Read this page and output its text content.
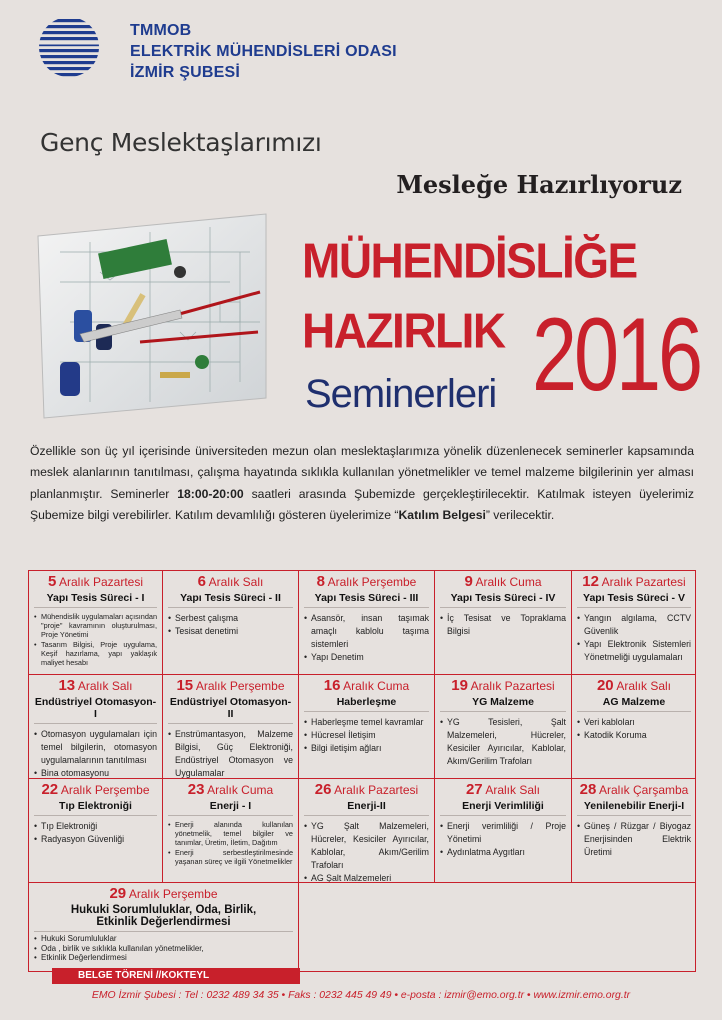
TMMOB
ELEKTRİK MÜHENDİSLERİ ODASI
İZMİR ŞUBESİ
Genç Meslektaşlarımızı
Mesleğe Hazırlıyoruz
MÜHENDİSLİĞE
HAZIRLIK
Seminerleri 2016
Özellikle son üç yıl içerisinde üniversiteden mezun olan meslektaşlarımıza yönelik düzenlenecek seminerler kapsamında meslek alanlarının tanıtılması, çalışma hayatında sıklıkla kullanılan yönetmelikler ve temel malzeme bilgilerinin yer alması planlanmıştır. Seminerler 18:00-20:00 saatleri arasında Şubemizde gerçekleştirilecektir. Katılmak isteyen üyelerimiz Şubemize bilgi verebilirler. Katılım devamlılığı gösteren üyelerimize “Katılım Belgesi” verilecektir.
5 Aralık Pazartesi
Yapı Tesis Süreci - I
• Mühendislik uygulamaları açısından "proje" kavramının oluşturulması, Proje Yönetimi
• Tasarım Bilgisi, Proje uygulama, Keşif hazırlama, yapı yaklaşık maliyet hesabı
6 Aralık Salı
Yapı Tesis Süreci - II
• Serbest çalışma
• Tesisat denetimi
8 Aralık Perşembe
Yapı Tesis Süreci - III
• Asansör, insan taşımak amaçlı kablolu taşıma sistemleri
• Yapı Denetim
9 Aralık Cuma
Yapı Tesis Süreci - IV
• İç Tesisat ve Topraklama Bilgisi
12 Aralık Pazartesi
Yapı Tesis Süreci - V
• Yangın algılama, CCTV Güvenlik
• Yapı Elektronik Sistemleri Yönetmeliği uygulamaları
13 Aralık Salı
Endüstriyel Otomasyon-I
• Otomasyon uygulamaları için temel bilgilerin, otomasyon uygulamalarının tanıtılması
• Bina otomasyonu
15 Aralık Perşembe
Endüstriyel Otomasyon-II
• Enstrümantasyon, Malzeme Bilgisi, Güç Elektroniği, Endüstriyel Otomasyon ve Uygulamalar
16 Aralık Cuma
Haberleşme
• Haberleşme temel kavramlar
• Hücresel İletişim
• Bilgi iletişim ağları
19 Aralık Pazartesi
YG Malzeme
• YG Tesisleri, Şalt Malzemeleri, Hücreler, Kesiciler Ayırıcılar, Kablolar, Akım/Gerilim Trafoları
20 Aralık Salı
AG Malzeme
• Veri kabloları
• Katodik Koruma
22 Aralık Perşembe
Tıp Elektroniği
• Tıp Elektroniği
• Radyasyon Güvenliği
23 Aralık Cuma
Enerji - I
• Enerji alanında kullanılan yönetmelik, temel bilgiler ve tanımlar, Üretim, İletim, Dağıtım
• Enerji serbestleştirilmesinde yaşanan süreç ve ilgili Yönetmelikler
26 Aralık Pazartesi
Enerji-II
• YG Şalt Malzemeleri, Hücreler, Kesiciler Ayırıcılar, Kablolar, Akım/Gerilim Trafoları
• AG Şalt Malzemeleri
27 Aralık Salı
Enerji Verimliliği
• Enerji verimliliği / Proje Yönetimi
• Aydınlatma Aygıtları
28 Aralık Çarşamba
Yenilenebilir Enerji-I
• Güneş / Rüzgar / Biyogaz Enerjisinden Elektrik Üretimi
29 Aralık Perşembe
Hukuki Sorumluluklar, Oda, Birlik, Etkinlik Değerlendirmesi
• Hukuki Sorumluluklar
• Oda , birlik ve sıklıkla kullanılan yönetmelikler,
• Etkinlik Değerlendirmesi
BELGE TÖRENİ //KOKTEYL
EMO İzmir Şubesi : Tel : 0232 489 34 35 • Faks : 0232 445 49 49 • e-posta : izmir@emo.org.tr • www.izmir.emo.org.tr
